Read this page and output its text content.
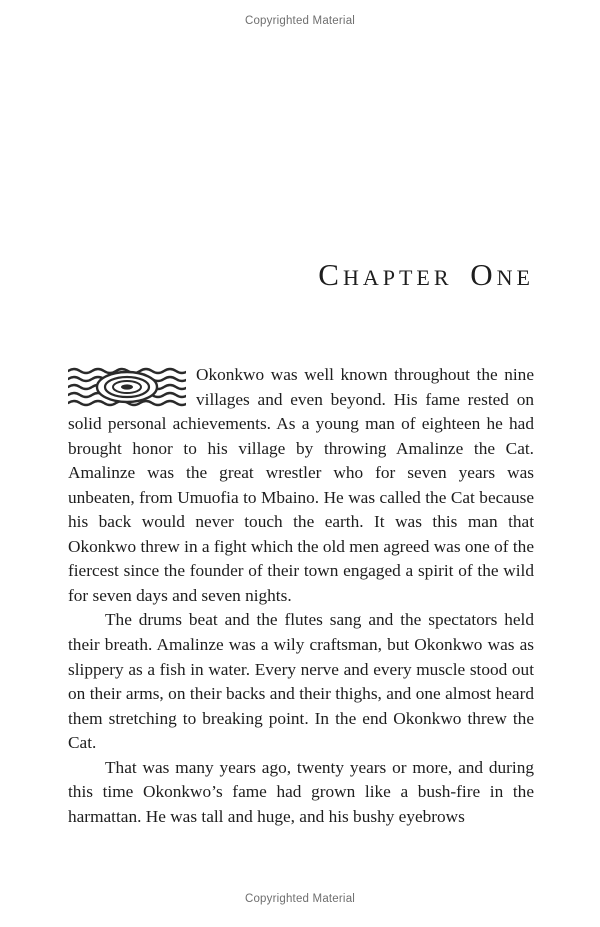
Copyrighted Material
Chapter One

Okonkwo was well known throughout the nine villages and even beyond. His fame rested on solid personal achievements. As a young man of eighteen he had brought honor to his village by throwing Amalinze the Cat. Amalinze was the great wrestler who for seven years was unbeaten, from Umuofia to Mbaino. He was called the Cat because his back would never touch the earth. It was this man that Okonkwo threw in a fight which the old men agreed was one of the fiercest since the founder of their town engaged a spirit of the wild for seven days and seven nights.

The drums beat and the flutes sang and the spectators held their breath. Amalinze was a wily craftsman, but Okonkwo was as slippery as a fish in water. Every nerve and every muscle stood out on their arms, on their backs and their thighs, and one almost heard them stretching to breaking point. In the end Okonkwo threw the Cat.

That was many years ago, twenty years or more, and during this time Okonkwo’s fame had grown like a bush-fire in the harmattan. He was tall and huge, and his bushy eyebrows

Copyrighted Material
